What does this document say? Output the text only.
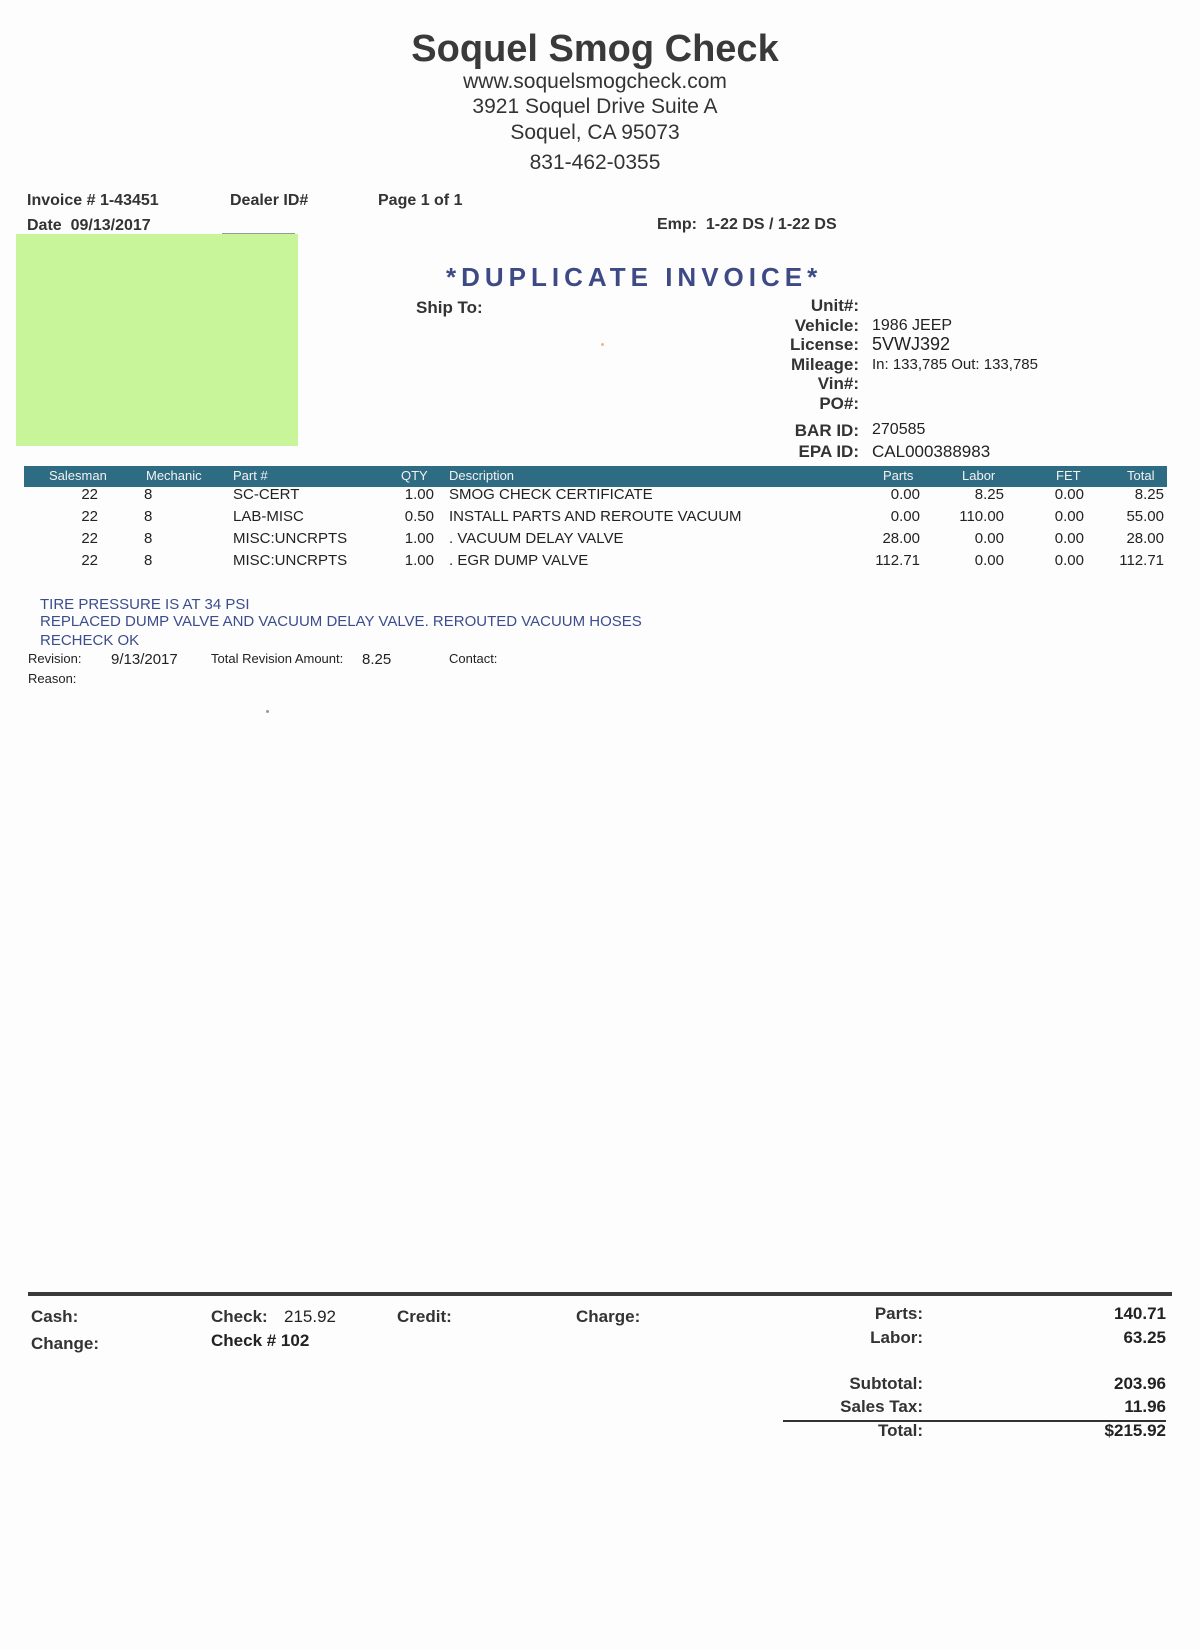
Soquel Smog Check
www.soquelsmogcheck.com
3921 Soquel Drive Suite A
Soquel, CA 95073
831-462-0355
Invoice # 1-43451	Dealer ID#	Page 1 of 1
Date 09/13/2017	Emp: 1-22 DS / 1-22 DS
*DUPLICATE INVOICE*
Ship To:	Unit#:
Vehicle: 1986 JEEP
License: 5VWJ392
Mileage: In: 133,785 Out: 133,785
Vin#:
PO#:
BAR ID: 270585
EPA ID: CAL000388983
Salesman	Mechanic Part #	QTY Description	Parts	Labor	FET	Total
22	8	SC-CERT	1.00 SMOG CHECK CERTIFICATE	0.00	8.25	0.00	8.25
22	8	LAB-MISC	0.50 INSTALL PARTS AND REROUTE VACUUM	0.00	110.00	0.00	55.00
22	8	MISC:UNCRPTS	1.00 . VACUUM DELAY VALVE	28.00	0.00	0.00	28.00
22	8	MISC:UNCRPTS	1.00 . EGR DUMP VALVE	112.71	0.00	0.00	112.71
TIRE PRESSURE IS AT 34 PSI
REPLACED DUMP VALVE AND VACUUM DELAY VALVE. REROUTED VACUUM HOSES
RECHECK OK
Revision: 9/13/2017	Total Revision Amount: 8.25	Contact:
Reason:
Cash:
Change:
Check: 215.92
Check # 102
Credit:	Charge:	Parts:	140.71
Labor:	63.25
Subtotal:	203.96
Sales Tax:	11.96
Total:	$215.92
